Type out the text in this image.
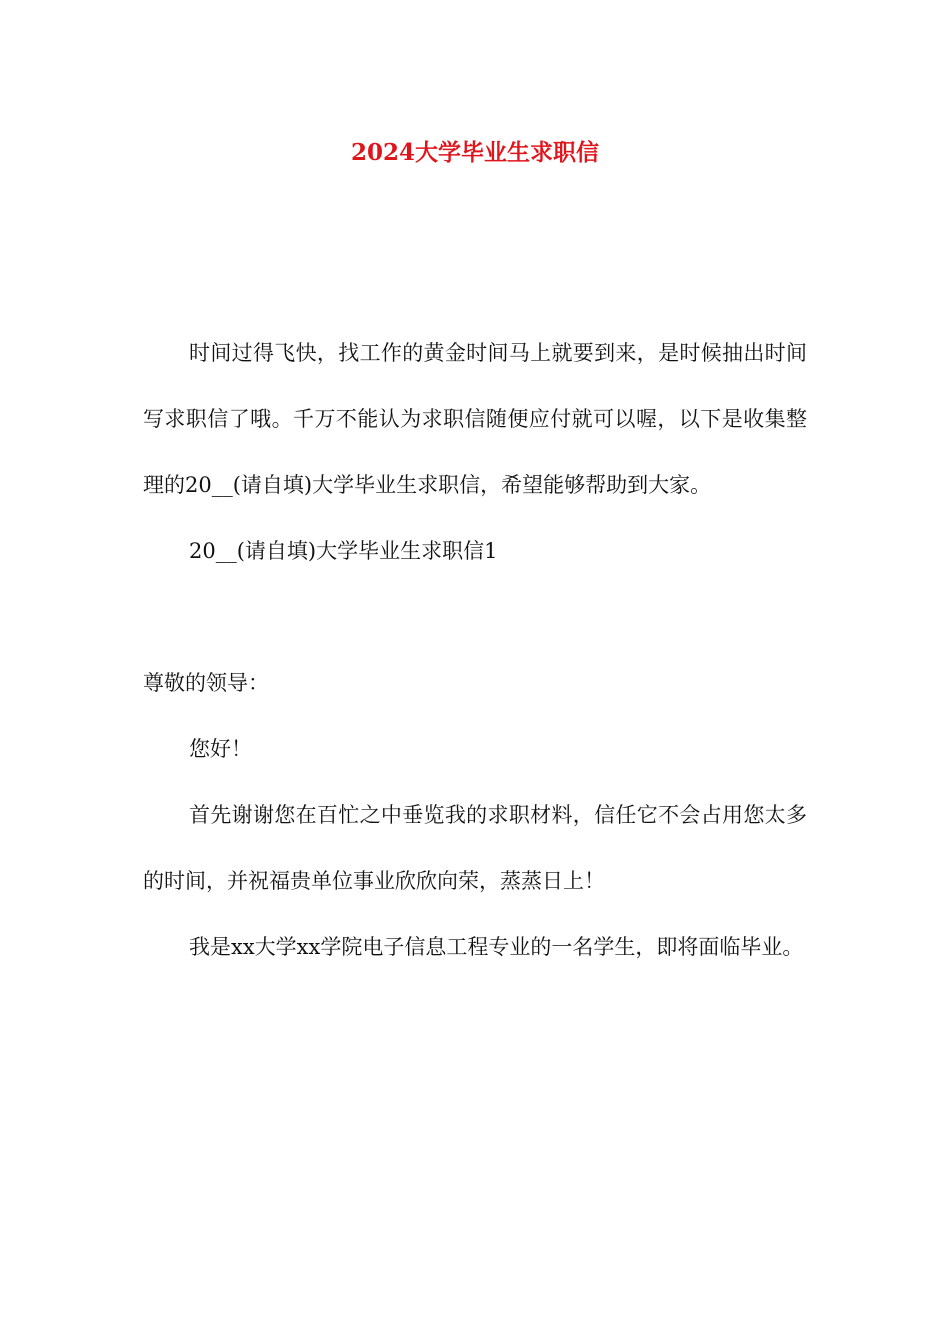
2024大学毕业生求职信

时间过得飞快，找工作的黄金时间马上就要到来，是时候抽出时间写求职信了哦。千万不能认为求职信随便应付就可以喔，以下是收集整理的20__(请自填)大学毕业生求职信，希望能够帮助到大家。

20__(请自填)大学毕业生求职信1

尊敬的领导：

您好！

首先谢谢您在百忙之中垂览我的求职材料，信任它不会占用您太多的时间，并祝福贵单位事业欣欣向荣，蒸蒸日上！

我是xx大学xx学院电子信息工程专业的一名学生，即将面临毕业。
